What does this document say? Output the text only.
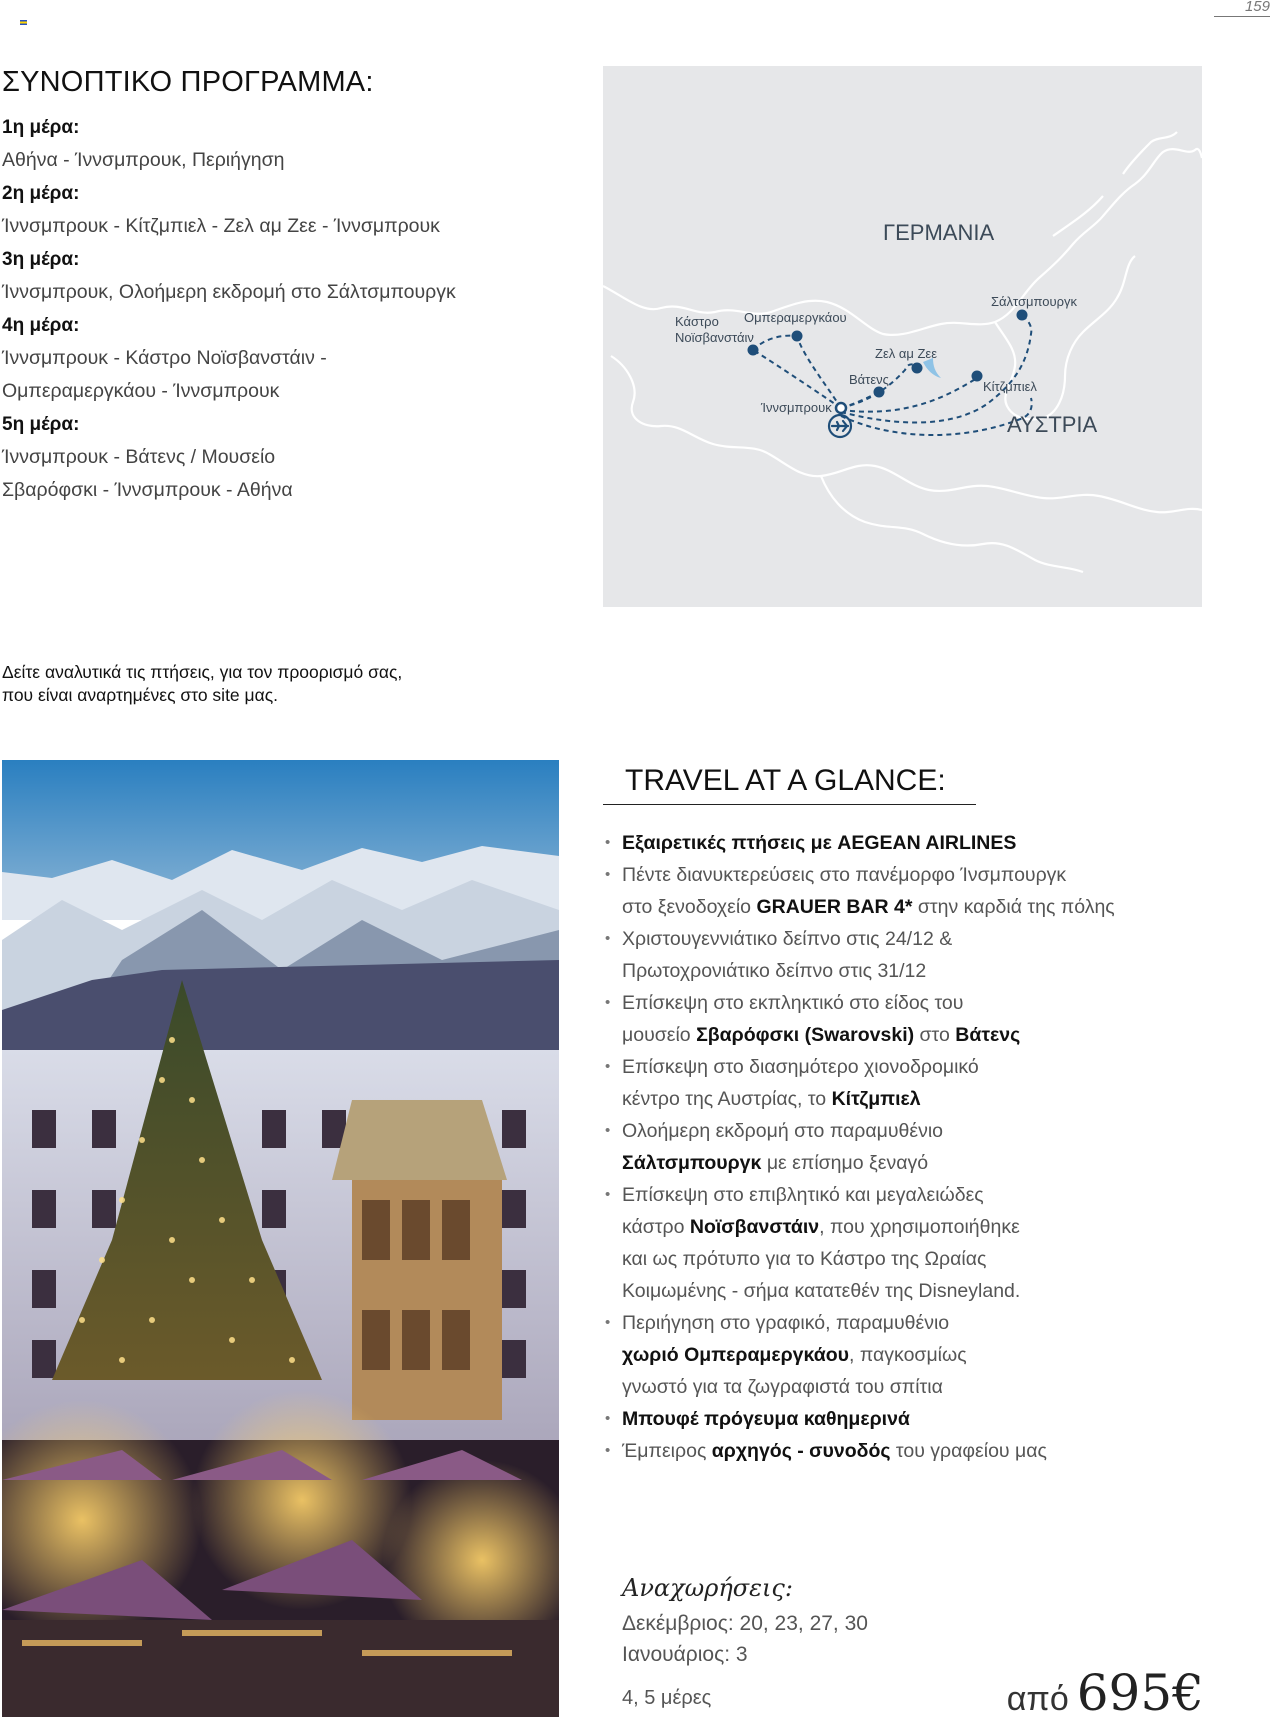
159
ΣΥΝΟΠΤΙΚΟ ΠΡΟΓΡΑΜΜΑ:
1η μέρα:
Αθήνα - Ίννσμπρουκ, Περιήγηση
2η μέρα:
Ίννσμπρουκ - Κίτζμπιελ - Ζελ αμ Ζεε - Ίννσμπρουκ
3η μέρα:
Ίννσμπρουκ, Ολοήμερη εκδρομή στο Σάλτσμπουργκ
4η μέρα:
Ίννσμπρουκ - Κάστρο Νοϊσβανστάιν -
Ομπεραμεργκάου - Ίννσμπρουκ
5η μέρα:
Ίννσμπρουκ - Βάτενς / Μουσείο
Σβαρόφσκι - Ίννσμπρουκ - Αθήνα
ΓΕΡΜΑΝΙΑ
ΑΥΣΤΡΙΑ
Κάστρο
Νοϊσβανστάιν
Ομπεραμεργκάου
Ζελ αμ Ζεε
Βάτενς
Ίννσμπρουκ
Κίτζμπιελ
Σάλτσμπουργκ
Δείτε αναλυτικά τις πτήσεις, για τον προορισμό σας,
που είναι αναρτημένες στο site μας.
TRAVEL AT A GLANCE:
• Εξαιρετικές πτήσεις με AEGEAN AIRLINES
• Πέντε διανυκτερεύσεις στο πανέμορφο Ίνσμπουργκ
στο ξενοδοχείο GRAUER BAR 4* στην καρδιά της πόλης
• Χριστουγεννιάτικο δείπνο στις 24/12 &
Πρωτοχρονιάτικο δείπνο στις 31/12
• Επίσκεψη στο εκπληκτικό στο είδος του
μουσείο Σβαρόφσκι (Swarovski) στο Βάτενς
• Επίσκεψη στο διασημότερο χιονοδρομικό
κέντρο της Αυστρίας, το Κίτζμπιελ
• Ολοήμερη εκδρομή στο παραμυθένιο
Σάλτσμπουργκ με επίσημο ξεναγό
• Επίσκεψη στο επιβλητικό και μεγαλειώδες
κάστρο Νοϊσβανστάιν, που χρησιμοποιήθηκε
και ως πρότυπο για το Κάστρο της Ωραίας
Κοιμωμένης - σήμα κατατεθέν της Disneyland.
• Περιήγηση στο γραφικό, παραμυθένιο
χωριό Ομπεραμεργκάου, παγκοσμίως
γνωστό για τα ζωγραφιστά του σπίτια
• Μπουφέ πρόγευμα καθημερινά
• Έμπειρος αρχηγός - συνοδός του γραφείου μας
Αναχωρήσεις:
Δεκέμβριος: 20, 23, 27, 30
Ιανουάριος: 3
4, 5 μέρες	από 695€
